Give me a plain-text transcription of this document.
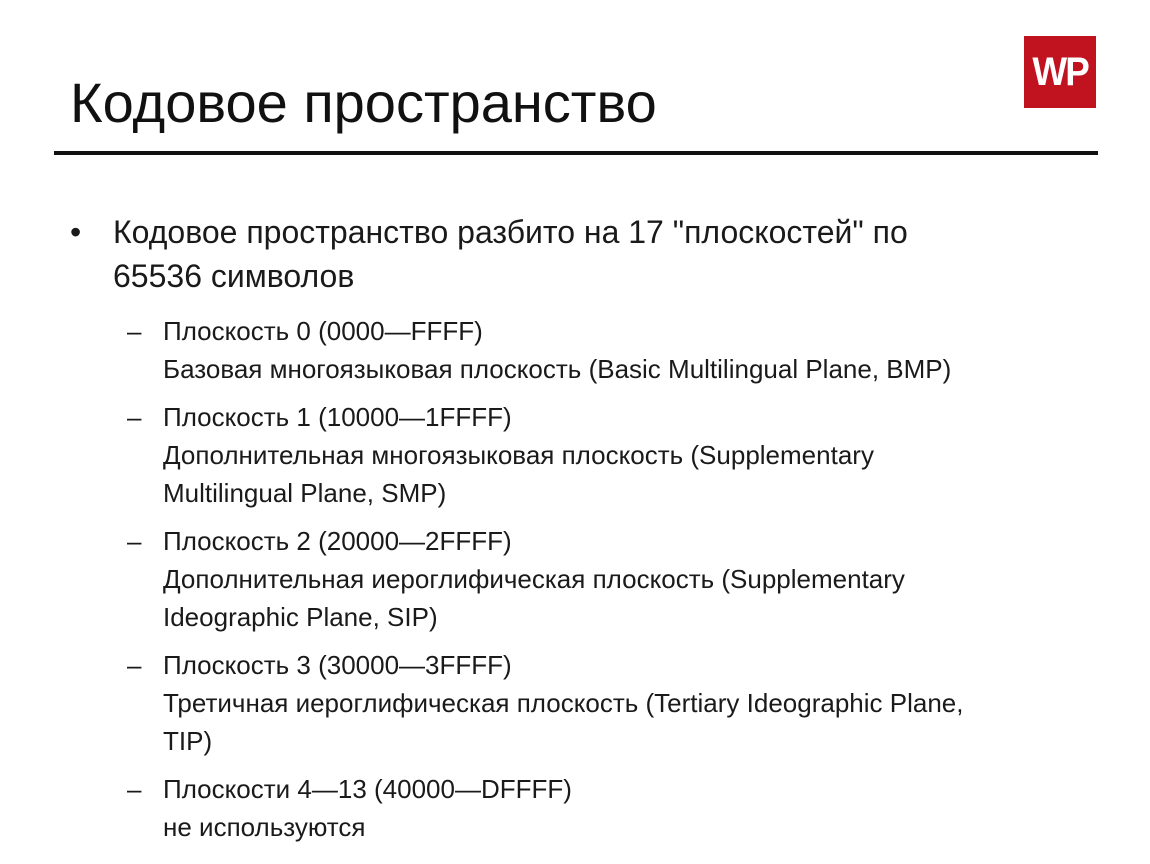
Кодовое пространство	WP
• Кодовое пространство разбито на 17 "плоскостей" по
65536 символов
– Плоскость 0 (0000—FFFF)
Базовая многоязыковая плоскость (Basic Multilingual Plane, BMP)
– Плоскость 1 (10000—1FFFF)
Дополнительная многоязыковая плоскость (Supplementary
Multilingual Plane, SMP)
– Плоскость 2 (20000—2FFFF)
Дополнительная иероглифическая плоскость (Supplementary
Ideographic Plane, SIP)
– Плоскость 3 (30000—3FFFF)
Третичная иероглифическая плоскость (Tertiary Ideographic Plane,
TIP)
– Плоскости 4—13 (40000—DFFFF)
не используются
